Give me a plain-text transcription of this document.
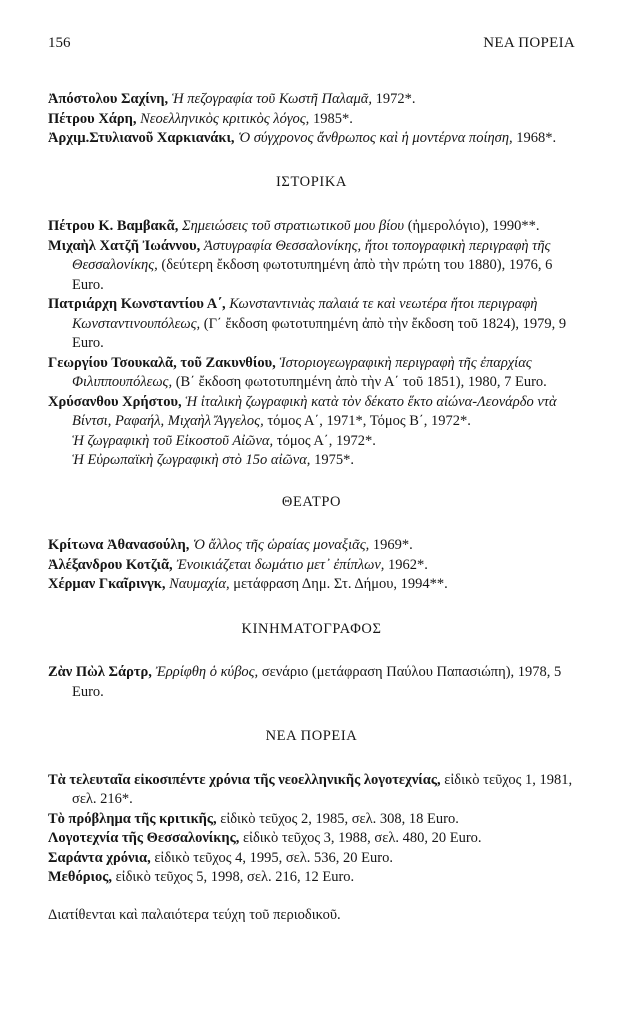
156	ΝΕΑ ΠΟΡΕΙΑ

Ἀπόστολου Σαχίνη, Ἡ πεζογραφία τοῦ Κωστῆ Παλαμᾶ, 1972*.

Πέτρου Χάρη, Νεοελληνικὸς κριτικὸς λόγος, 1985*.

Ἀρχιμ.Στυλιανοῦ Χαρκιανάκι, Ὁ σύγχρονος ἄνθρωπος καὶ ἡ μοντέρνα ποίηση, 1968*.

ΙΣΤΟΡΙΚΑ

Πέτρου Κ. Βαμβακᾶ, Σημειώσεις τοῦ στρατιωτικοῦ μου βίου (ἡμερολόγιο), 1990**.

Μιχαὴλ Χατζῆ Ἰωάννου, Ἀστυγραφία Θεσσαλονίκης, ἤτοι τοπογραφικὴ περιγραφὴ τῆς Θεσσαλονίκης, (δεύτερη ἔκδοση φωτοτυπημένη ἀπὸ τὴν πρώτη του 1880), 1976, 6 Euro.

Πατριάρχη Κωνσταντίου Α΄, Κωνσταντινιὰς παλαιά τε καὶ νεωτέρα ἤτοι περιγραφὴ Κωνσταντινουπόλεως, (Γ΄ ἔκδοση φωτοτυπημένη ἀπὸ τὴν ἔκδοση τοῦ 1824), 1979, 9 Euro.

Γεωργίου Τσουκαλᾶ, τοῦ Ζακυνθίου, Ἱστοριογεωγραφικὴ περιγραφὴ τῆς ἐπαρχίας Φιλιππουπόλεως, (Β΄ ἔκδοση φωτοτυπημένη ἀπὸ τὴν Α΄ τοῦ 1851), 1980, 7 Euro.

Χρύσανθου Χρήστου, Ἡ ἰταλικὴ ζωγραφικὴ κατὰ τὸν δέκατο ἕκτο αἰώνα-Λεονάρδο ντὰ Βίντσι, Ραφαήλ, Μιχαὴλ Ἄγγελος, τόμος Α΄, 1971*, Τόμος Β΄, 1972*.

Ἡ ζωγραφικὴ τοῦ Εἰκοστοῦ Αἰῶνα, τόμος Α΄, 1972*.

Ἡ Εὐρωπαϊκὴ ζωγραφικὴ στὸ 15ο αἰῶνα, 1975*.

ΘΕΑΤΡΟ

Κρίτωνα Ἀθανασούλη, Ὁ ἄλλος τῆς ὡραίας μοναξιᾶς, 1969*.

Ἀλέξανδρου Κοτζιᾶ, Ἐνοικιάζεται δωμάτιο μετ᾽ ἐπίπλων, 1962*.

Χέρμαν Γκαῖρινγκ, Ναυμαχία, μετάφραση Δημ. Στ. Δήμου, 1994**.

ΚΙΝΗΜΑΤΟΓΡΑΦΟΣ

Ζὰν Πὼλ Σάρτρ, Ἐρρίφθη ὁ κύβος, σενάριο (μετάφραση Παύλου Παπασιώπη), 1978, 5 Euro.

ΝΕΑ ΠΟΡΕΙΑ

Τὰ τελευταῖα εἰκοσιπέντε χρόνια τῆς νεοελληνικῆς λογοτεχνίας, εἰδικὸ τεῦχος 1, 1981, σελ. 216*.

Τὸ πρόβλημα τῆς κριτικῆς, εἰδικὸ τεῦχος 2, 1985, σελ. 308, 18 Euro.

Λογοτεχνία τῆς Θεσσαλονίκης, εἰδικὸ τεῦχος 3, 1988, σελ. 480, 20 Euro.

Σαράντα χρόνια, εἰδικὸ τεῦχος 4, 1995, σελ. 536, 20 Euro.

Μεθόριος, εἰδικὸ τεῦχος 5, 1998, σελ. 216, 12 Euro.

Διατίθενται καὶ παλαιότερα τεύχη τοῦ περιοδικοῦ.
